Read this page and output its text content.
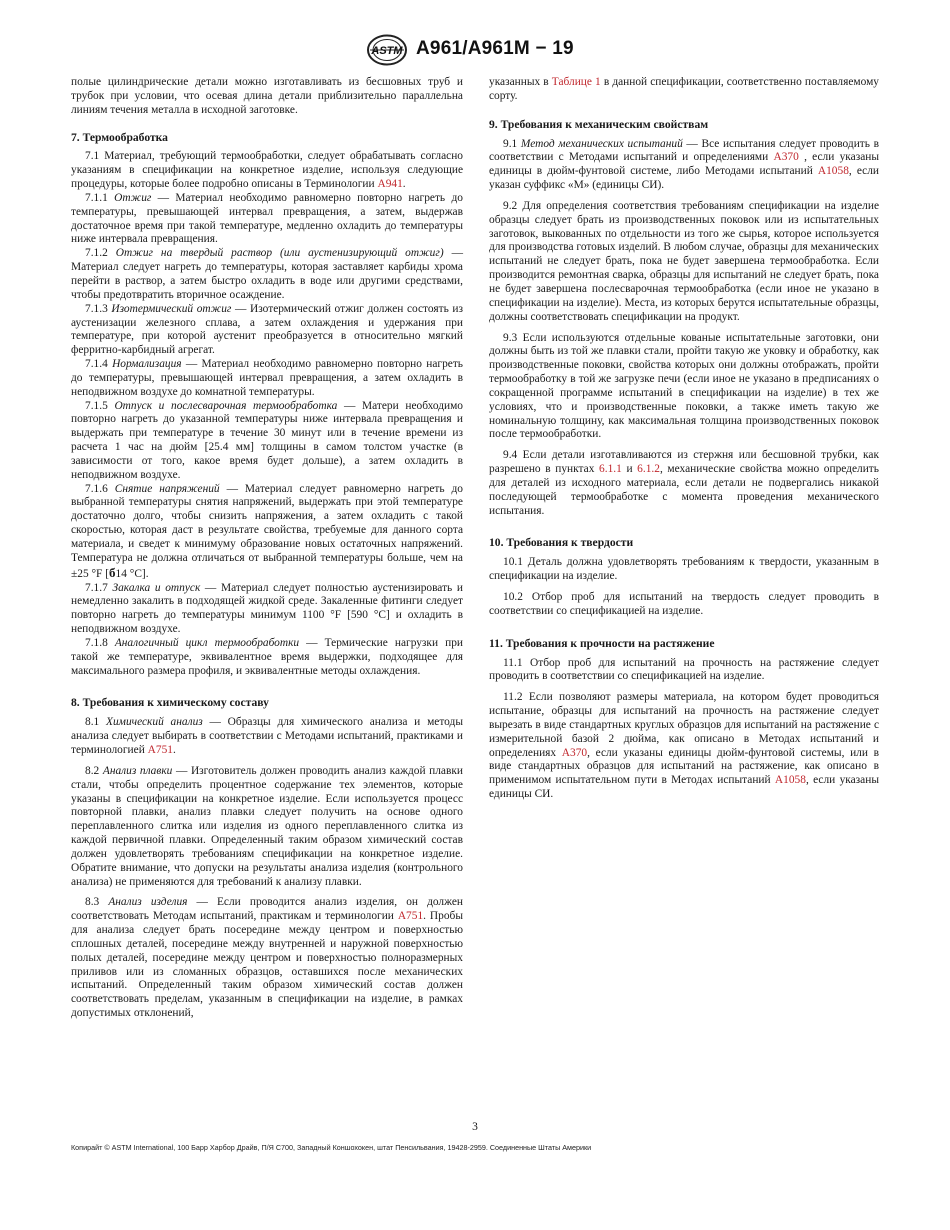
ASTM A961/A961M − 19

полые цилиндрические детали можно изготавливать из бесшовных труб и трубок при условии, что осевая длина детали приблизительно параллельна линиям течения металла в исходной заготовке.

7. Термообработка

7.1 Материал, требующий термообработки, следует обрабатывать согласно указаниям в спецификации на конкретное изделие, используя следующие процедуры, которые более подробно описаны в Терминологии A941.

7.1.1 Отжиг — Материал необходимо равномерно повторно нагреть до температуры, превышающей интервал превращения, а затем, выдержав достаточное время при такой температуре, медленно охладить до температуры ниже интервала превращения.

7.1.2 Отжиг на твердый раствор (или аустенизирующий отжиг) — Материал следует нагреть до температуры, которая заставляет карбиды хрома перейти в раствор, а затем быстро охладить в воде или другими средствами, чтобы предотвратить вторичное осаждение.

7.1.3 Изотермический отжиг — Изотермический отжиг должен состоять из аустенизации железного сплава, а затем охлаждения и удержания при температуре, при которой аустенит преобразуется в относительно мягкий ферритно-карбидный агрегат.

7.1.4 Нормализация — Материал необходимо равномерно повторно нагреть до температуры, превышающей интервал превращения, а затем охладить в неподвижном воздухе до комнатной температуры.

7.1.5 Отпуск и послесварочная термообработка — Матери необходимо повторно нагреть до указанной температуры ниже интервала превращения и выдержать при температуре в течение 30 минут или в течение времени из расчета 1 час на дюйм [25.4 мм] толщины в самом толстом участке (в зависимости от того, какое время будет дольше), а затем охладить в неподвижном воздухе.

7.1.6 Снятие напряжений — Материал следует равномерно нагреть до выбранной температуры снятия напряжений, выдержать при этой температуре достаточно долго, чтобы снизить напряжения, а затем охладить с такой скоростью, которая даст в результате свойства, требуемые для данного сорта материала, и сведет к минимуму образование новых остаточных напряжений. Температура не должна отличаться от выбранной температуры больше, чем на ±25 °F [б14 °C].

7.1.7 Закалка и отпуск — Материал следует полностью аустенизировать и немедленно закалить в подходящей жидкой среде. Закаленные фитинги следует повторно нагреть до температуры минимум 1100 °F [590 °C] и охладить в неподвижном воздухе.

7.1.8 Аналогичный цикл термообработки — Термические нагрузки при такой же температуре, эквивалентное время выдержки, подходящее для максимального размера профиля, и эквивалентные методы охлаждения.

8. Требования к химическому составу

8.1 Химический анализ — Образцы для химического анализа и методы анализа следует выбирать в соответствии с Методами испытаний, практиками и терминологией A751.

8.2 Анализ плавки — Изготовитель должен проводить анализ каждой плавки стали, чтобы определить процентное содержание тех элементов, которые указаны в спецификации на конкретное изделие. Если используется процесс повторной плавки, анализ плавки следует получить на основе одного переплавленного слитка или изделия из одного переплавленного слитка из каждой первичной плавки. Определенный таким образом химический состав должен удовлетворять требованиям спецификации на конкретное изделие. Обратите внимание, что допуски на результаты анализа изделия (контрольного анализа) не применяются для требований к анализу плавки.

8.3 Анализ изделия — Если проводится анализ изделия, он должен соответствовать Методам испытаний, практикам и терминологии A751. Пробы для анализа следует брать посередине между центром и поверхностью сплошных деталей, посередине между внутренней и наружной поверхностью полых деталей, посередине между центром и поверхностью полноразмерных приливов или из сломанных образцов, оставшихся после механических испытаний. Определенный таким образом химический состав должен соответствовать пределам, указанным в спецификации на изделие, в рамках допустимых отклонений,

указанных в Таблице 1 в данной спецификации, соответственно поставляемому сорту.

9. Требования к механическим свойствам

9.1 Метод механических испытаний — Все испытания следует проводить в соответствии с Методами испытаний и определениями A370 , если указаны единицы в дюйм-фунтовой системе, либо Методами испытаний A1058, если указан суффикс «M» (единицы СИ).

9.2 Для определения соответствия требованиям спецификации на изделие образцы следует брать из производственных поковок или из испытательных заготовок, выкованных по отдельности из того же сырья, которое используется для производства готовых изделий. В любом случае, образцы для механических испытаний не следует брать, пока не будет завершена термообработка. Если производится ремонтная сварка, образцы для испытаний не следует брать, пока не будет завершена послесварочная термообработка (если иное не указано в спецификации на изделие). Места, из которых берутся испытательные образцы, должны соответствовать спецификации на продукт.

9.3 Если используются отдельные кованые испытательные заготовки, они должны быть из той же плавки стали, пройти такую же уковку и обработку, как производственные поковки, свойства которых они должны отображать, пройти термообработку в той же загрузке печи (если иное не указано в предписаниях о сокращенной программе испытаний в спецификации на изделие) в тех же условиях, что и производственные поковки, а также иметь такую же номинальную толщину, как максимальная толщина производственных поковок после термообработки.

9.4 Если детали изготавливаются из стержня или бесшовной трубки, как разрешено в пунктах 6.1.1 и 6.1.2, механические свойства можно определить для деталей из исходного материала, если детали не подвергались никакой последующей термообработке с момента проведения механического испытания.

10. Требования к твердости

10.1 Деталь должна удовлетворять требованиям к твердости, указанным в спецификации на изделие.

10.2 Отбор проб для испытаний на твердость следует проводить в соответствии со спецификацией на изделие.

11. Требования к прочности на растяжение

11.1 Отбор проб для испытаний на прочность на растяжение следует проводить в соответствии со спецификацией на изделие.

11.2 Если позволяют размеры материала, на котором будет проводиться испытание, образцы для испытаний на прочность на растяжение следует вырезать в виде стандартных круглых образцов для испытаний на растяжение с измерительной базой 2 дюйма, как описано в Методах испытаний и определениях A370, если указаны единицы дюйм-фунтовой системы, или в виде стандартных образцов для испытаний на растяжение, как описано в применимом испытательном пути в Методах испытаний A1058, если указаны единицы СИ.

3
Копирайт © ASTM International, 100 Барр Харбор Драйв, П/Я C700, Западный Коншохокен, штат Пенсильвания, 19428-2959. Соединенные Штаты Америки
